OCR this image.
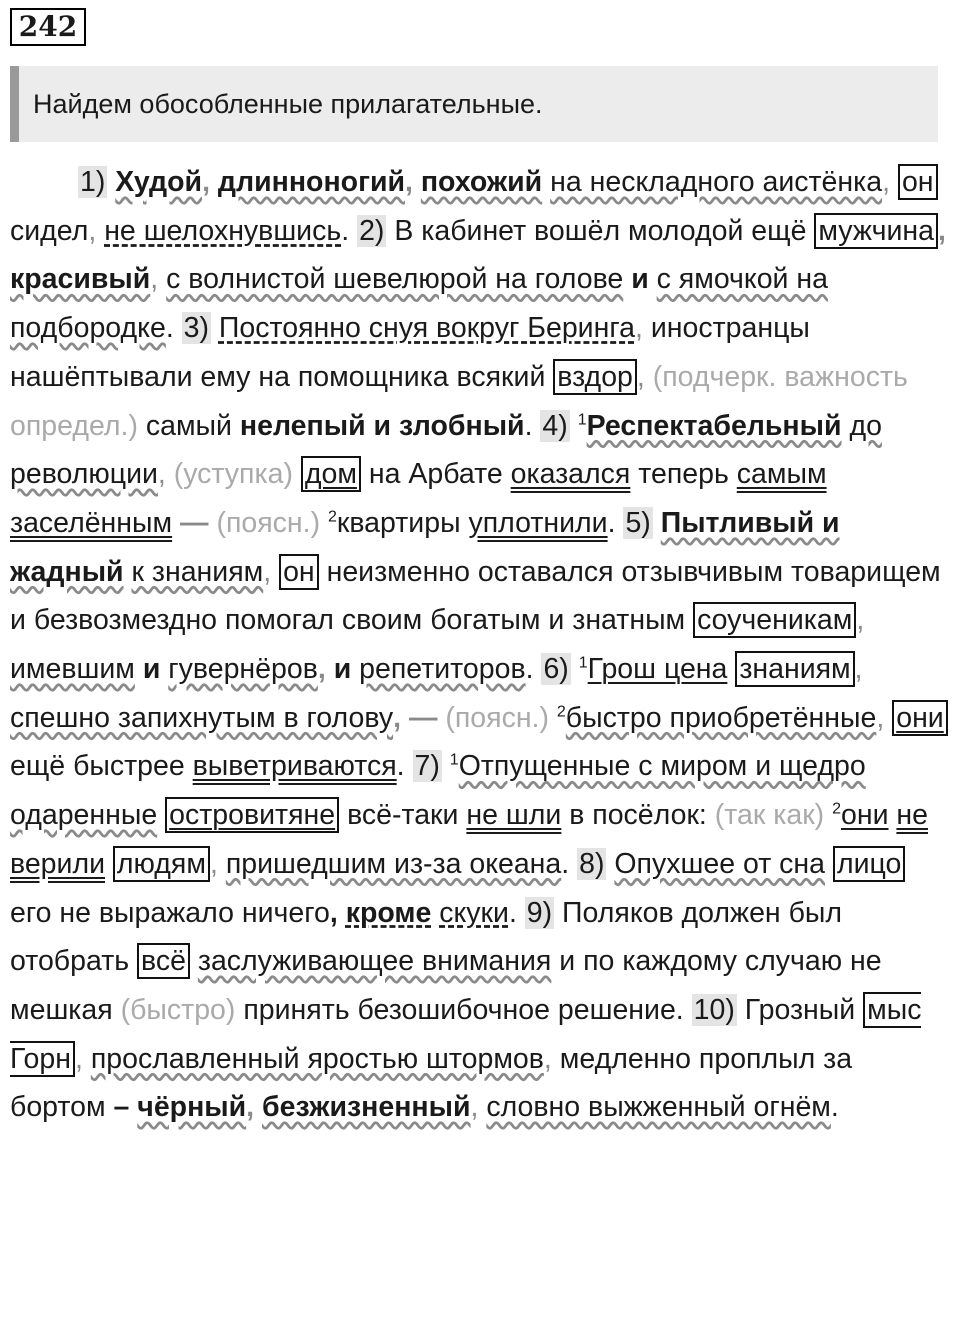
242
Найдем обособленные прилагательные.
1) Худой, длинноногий, похожий на нескладного аистёнка, он сидел, не шелохнувшись. 2) В кабинет вошёл молодой ещё мужчина , красивый, с волнистой шевелюрой на голове и с ямочкой на подбородке. 3) Постоянно снуя вокруг Беринга, иностранцы нашёптывали ему на помощника всякий вздор , (подчерк. важность определ.) самый нелепый и злобный. 4) $^1$Респектабельный до революции, (уступка) дом на Арбате оказался теперь самым заселённым — (поясн.) $^2$квартиры уплотнили. 5) Пытливый и жадный к знаниям, он неизменно оставался отзывчивым товарищем и безвозмездно помогал своим богатым и знатным соученикам , имевшим и гувернёров, и репетиторов. 6) $^1$Грош цена знаниям , спешно запихнутым в голову, — (поясн.) $^2$быстро приобретённые, они ещё быстрее выветриваются. 7) $^1$Отпущенные с миром и щедро одаренные островитяне всё-таки не шли в посёлок: (так как) $^2$они не верили людям , пришедшим из-за океана. 8) Опухшее от сна лицо его не выражало ничего, кроме скуки. 9) Поляков должен был отобрать всё заслуживающее внимания и по каждому случаю не мешкая (быстро) принять безошибочное решение. 10) Грозный мыс Горн , прославленный яростью штормов, медленно проплыл за бортом – чёрный, безжизненный, словно выжженный огнём.
